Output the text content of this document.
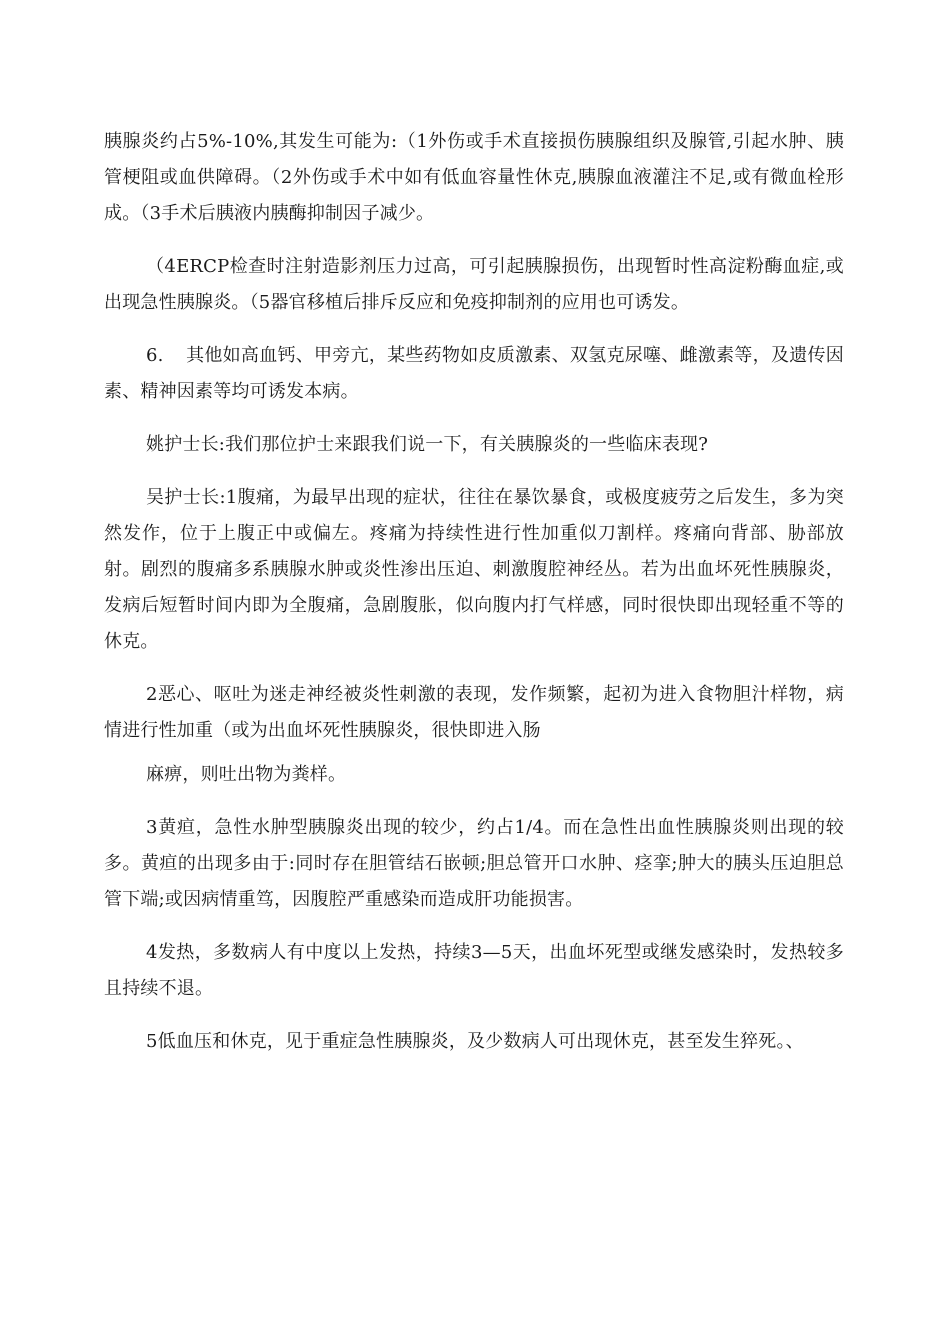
胰腺炎约占5%-10%,其发生可能为:（1外伤或手术直接损伤胰腺组织及腺管,引起水肿、胰管梗阻或血供障碍。（2外伤或手术中如有低血容量性休克,胰腺血液灌注不足,或有微血栓形成。（3手术后胰液内胰酶抑制因子减少。

（4ERCP检查时注射造影剂压力过高，可引起胰腺损伤，出现暂时性高淀粉酶血症,或出现急性胰腺炎。（5器官移植后排斥反应和免疫抑制剂的应用也可诱发。

6. 其他如高血钙、甲旁亢，某些药物如皮质激素、双氢克尿噻、雌激素等，及遗传因素、精神因素等均可诱发本病。

姚护士长:我们那位护士来跟我们说一下，有关胰腺炎的一些临床表现?

吴护士长:1腹痛，为最早出现的症状，往往在暴饮暴食，或极度疲劳之后发生，多为突然发作，位于上腹正中或偏左。疼痛为持续性进行性加重似刀割样。疼痛向背部、胁部放射。剧烈的腹痛多系胰腺水肿或炎性渗出压迫、刺激腹腔神经丛。若为出血坏死性胰腺炎，发病后短暂时间内即为全腹痛，急剧腹胀，似向腹内打气样感，同时很快即出现轻重不等的休克。

2恶心、呕吐为迷走神经被炎性刺激的表现，发作频繁，起初为进入食物胆汁样物，病情进行性加重（或为出血坏死性胰腺炎，很快即进入肠

麻痹，则吐出物为粪样。

3黄疸，急性水肿型胰腺炎出现的较少，约占1/4。而在急性出血性胰腺炎则出现的较多。黄疸的出现多由于:同时存在胆管结石嵌顿;胆总管开口水肿、痉挛;肿大的胰头压迫胆总管下端;或因病情重笃，因腹腔严重感染而造成肝功能损害。

4发热，多数病人有中度以上发热，持续3—5天，出血坏死型或继发感染时，发热较多且持续不退。

5低血压和休克，见于重症急性胰腺炎，及少数病人可出现休克，甚至发生猝死。、
